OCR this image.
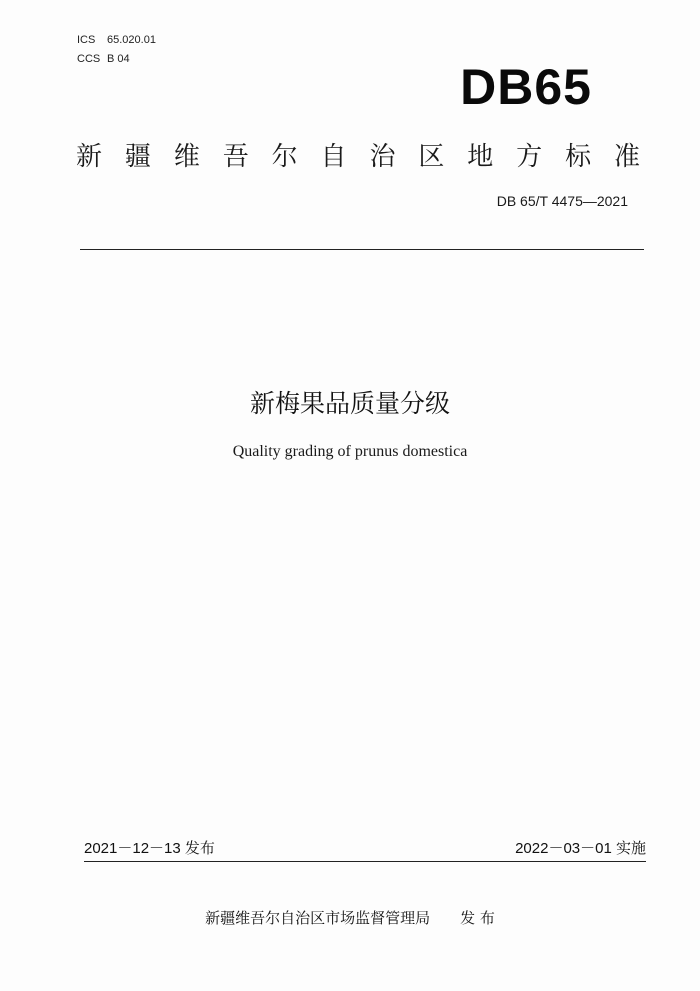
ICS 65.020.01
CCS B 04	DB65
新 疆 维 吾 尔 自 治 区 地 方 标 准
DB 65/T 4475—2021
新梅果品质量分级
Quality grading of prunus domestica
2021－12－13 发布	2022－03－01 实施
新疆维吾尔自治区市场监督管理局 发 布
